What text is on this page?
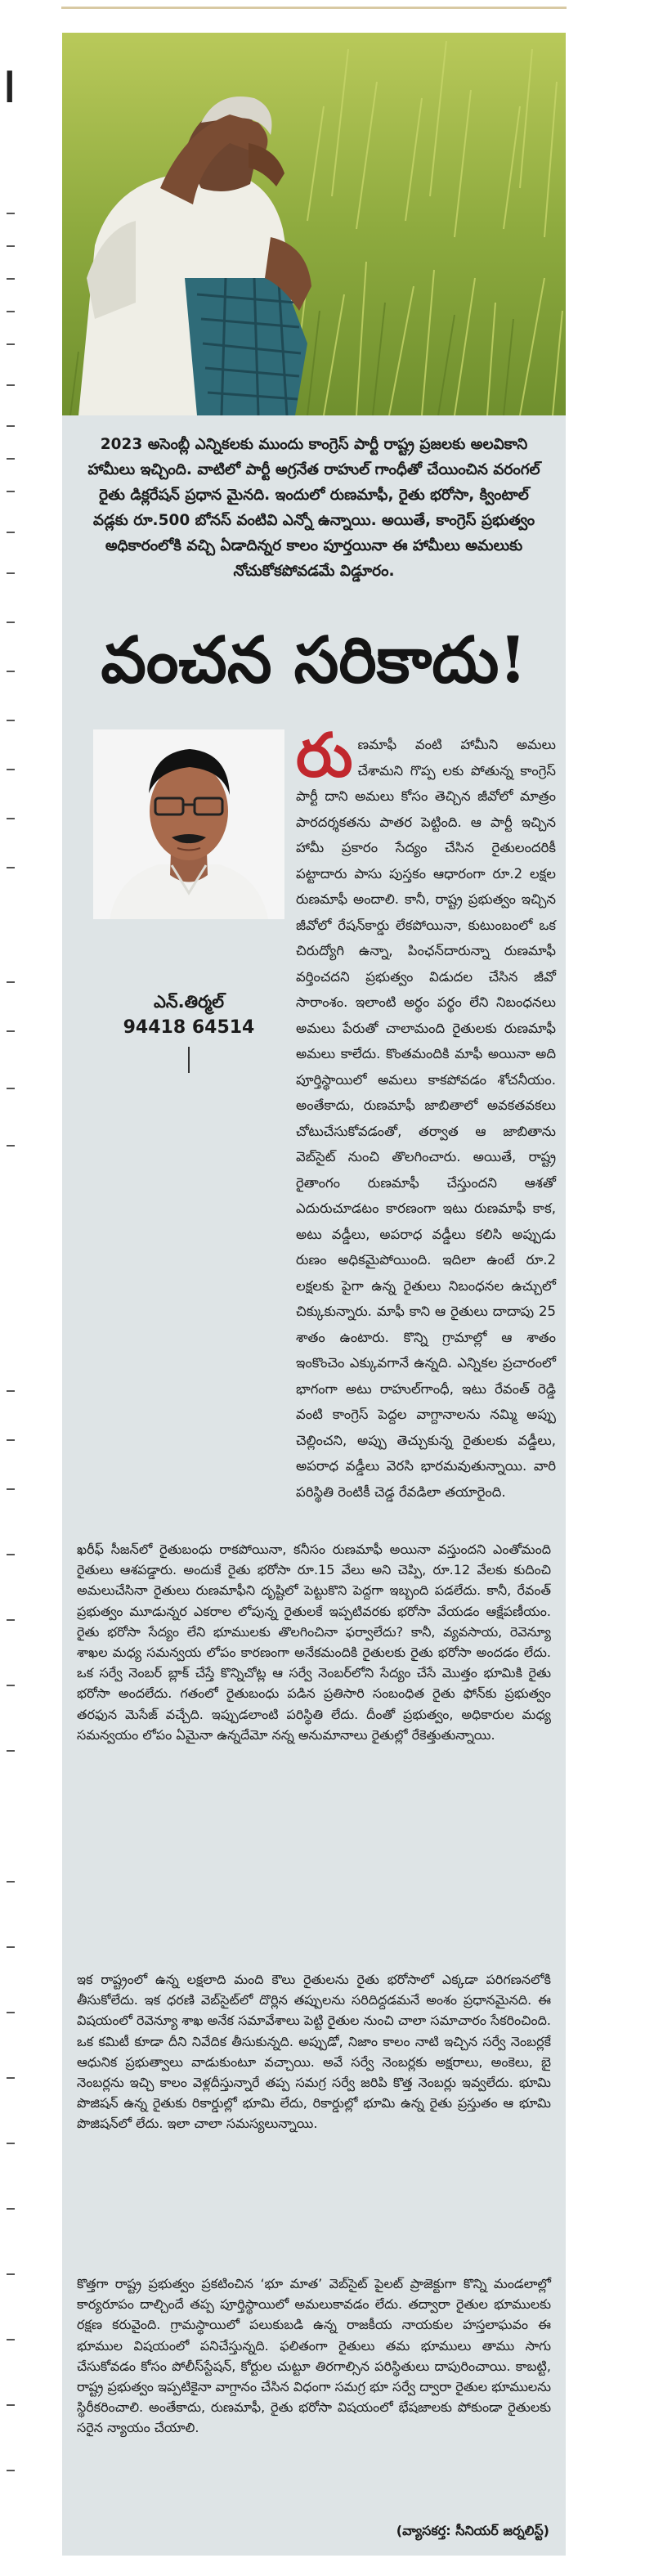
ı

2023 అసెంబ్లీ ఎన్నికలకు ముందు కాంగ్రెస్ పార్టీ రాష్ట్ర ప్రజలకు అలవికాని హామీలు ఇచ్చింది. వాటిలో పార్టీ అగ్రనేత రాహుల్ గాంధీతో చేయించిన వరంగల్ రైతు డిక్లరేషన్ ప్రధాన మైనది. ఇందులో రుణమాఫీ, రైతు భరోసా, క్వింటాల్ వడ్లకు రూ.500 బోనస్ వంటివి ఎన్నో ఉన్నాయి. అయితే, కాంగ్రెస్ ప్రభుత్వం అధికారంలోకి వచ్చి ఏడాదిన్నర కాలం పూర్తయినా ఈ హామీలు అమలుకు నోచుకోకపోవడమే విడ్డూరం.

వంచన సరికాదు!
ఎన్.తిర్మల్
94418 64514

రుణమాఫీ వంటి హామీని అమలు చేశామని గొప్ప లకు పోతున్న కాంగ్రెస్ పార్టీ దాని అమలు కోసం తెచ్చిన జీవోలో మాత్రం పారదర్శకతను పాతర పెట్టింది. ఆ పార్టీ ఇచ్చిన హామీ ప్రకారం సేద్యం చేసిన రైతులందరికీ పట్టాదారు పాసు పుస్తకం ఆధారంగా రూ.2 లక్షల రుణమాఫీ అందాలి. కానీ, రాష్ట్ర ప్రభుత్వం ఇచ్చిన జీవోలో రేషన్‌కార్డు లేకపోయినా, కుటుంబంలో ఒక చిరుద్యోగి ఉన్నా, పింఛన్‌దారున్నా రుణమాఫీ వర్తించదని ప్రభుత్వం విడుదల చేసిన జీవో సారాంశం. ఇలాంటి అర్థం పర్థం లేని నిబంధనలు అమలు పేరుతో చాలామంది రైతులకు రుణమాఫీ అమలు కాలేదు. కొంతమందికి మాఫీ అయినా అది పూర్తిస్థాయిలో అమలు కాకపోవడం శోచనీయం. అంతేకాదు, రుణమాఫీ జాబితాలో అవకతవకలు చోటుచేసుకోవడంతో, తర్వాత ఆ జాబితాను వెబ్‌సైట్ నుంచి తొలగించారు. అయితే, రాష్ట్ర రైతాంగం రుణమాఫీ చేస్తుందని ఆశతో ఎదురుచూడటం కారణంగా ఇటు రుణమాఫీ కాక, అటు వడ్డీలు, అపరాధ వడ్డీలు కలిసి అప్పుడు రుణం అధికమైపోయింది. ఇదిలా ఉంటే రూ.2 లక్షలకు పైగా ఉన్న రైతులు నిబంధనల ఉచ్చులో చిక్కుకున్నారు. మాఫీ కాని ఆ రైతులు దాదాపు 25 శాతం ఉంటారు. కొన్ని గ్రామాల్లో ఆ శాతం ఇంకొంచెం ఎక్కువగానే ఉన్నది. ఎన్నికల ప్రచారంలో భాగంగా అటు రాహుల్‌గాంధీ, ఇటు రేవంత్ రెడ్డి వంటి కాంగ్రెస్ పెద్దల వాగ్దానాలను నమ్మి అప్పు చెల్లించని, అప్పు తెచ్చుకున్న రైతులకు వడ్డీలు, అపరాధ వడ్డీలు వెరసి భారమవుతున్నాయి. వారి పరిస్థితి రెంటికీ చెడ్డ రేవడిలా తయారైంది.

ఖరీఫ్ సీజన్‌లో రైతుబంధు రాకపోయినా, కనీసం రుణమాఫీ అయినా వస్తుందని ఎంతోమంది రైతులు ఆశపడ్డారు. అందుకే రైతు భరోసా రూ.15 వేలు అని చెప్పి, రూ.12 వేలకు కుదించి అమలుచేసినా రైతులు రుణమాఫీని దృష్టిలో పెట్టుకొని పెద్దగా ఇబ్బంది పడలేదు. కానీ, రేవంత్ ప్రభుత్వం మూడున్నర ఎకరాల లోపున్న రైతులకే ఇప్పటివరకు భరోసా వేయడం ఆక్షేపణీయం. రైతు భరోసా సేద్యం లేని భూములకు తొలగించినా ఫర్వాలేదు? కానీ, వ్యవసాయ, రెవెన్యూ శాఖల మధ్య సమన్వయ లోపం కారణంగా అనేకమందికి రైతులకు రైతు భరోసా అందడం లేదు. ఒక సర్వే నెంబర్ బ్లాక్ చేస్తే కొన్నిచోట్ల ఆ సర్వే నెంబర్‌లోని సేద్యం చేసే మొత్తం భూమికి రైతు భరోసా అందలేదు. గతంలో రైతుబంధు పడిన ప్రతిసారి సంబంధిత రైతు ఫోన్‌కు ప్రభుత్వం తరఫున మెసేజ్ వచ్చేది. ఇప్పుడలాంటి పరిస్థితి లేదు. దీంతో ప్రభుత్వం, అధికారుల మధ్య సమన్వయం లోపం ఏమైనా ఉన్నదేమో నన్న అనుమానాలు రైతుల్లో రేకెత్తుతున్నాయి.

ఇక రాష్ట్రంలో ఉన్న లక్షలాది మంది కౌలు రైతులను రైతు భరోసాలో ఎక్కడా పరిగణనలోకి తీసుకోలేదు. ఇక ధరణి వెబ్‌సైట్‌లో దొర్లిన తప్పులను సరిదిద్దడమనే అంశం ప్రధానమైనది. ఈ విషయంలో రెవెన్యూ శాఖ అనేక సమావేశాలు పెట్టి రైతుల నుంచి చాలా సమాచారం సేకరించింది. ఒక కమిటీ కూడా దీని నివేదిక తీసుకున్నది. అప్పుడో, నిజాం కాలం నాటి ఇచ్చిన సర్వే నెంబర్లకే ఆధునిక ప్రభుత్వాలు వాడుకుంటూ వచ్చాయి. అవే సర్వే నెంబర్లకు అక్షరాలు, అంకెలు, బై నెంబర్లను ఇచ్చి కాలం వెళ్లదీస్తున్నారే తప్ప సమగ్ర సర్వే జరిపి కొత్త నెంబర్లు ఇవ్వలేదు. భూమి పొజిషన్ ఉన్న రైతుకు రికార్డుల్లో భూమి లేదు, రికార్డుల్లో భూమి ఉన్న రైతు ప్రస్తుతం ఆ భూమి పొజిషన్‌లో లేదు. ఇలా చాలా సమస్యలున్నాయి.

కొత్తగా రాష్ట్ర ప్రభుత్వం ప్రకటించిన ‘భూ మాత’ వెబ్‌సైట్ పైలట్ ప్రాజెక్టుగా కొన్ని మండలాల్లో కార్యరూపం దాల్చిందే తప్ప పూర్తిస్థాయిలో అమలుకావడం లేదు. తద్వారా రైతుల భూములకు రక్షణ కరువైంది. గ్రామస్థాయిలో పలుకుబడి ఉన్న రాజకీయ నాయకుల హస్తలాఘవం ఈ భూముల విషయంలో పనిచేస్తున్నది. ఫలితంగా రైతులు తమ భూములు తాము సాగు చేసుకోవడం కోసం పోలీస్‌స్టేషన్, కోర్టుల చుట్టూ తిరగాల్సిన పరిస్థితులు దాపురించాయి. కాబట్టి, రాష్ట్ర ప్రభుత్వం ఇప్పటికైనా వాగ్దానం చేసిన విధంగా సమగ్ర భూ సర్వే ద్వారా రైతుల భూములను స్థిరీకరించాలి. అంతేకాదు, రుణమాఫీ, రైతు భరోసా విషయంలో భేషజాలకు పోకుండా రైతులకు సరైన న్యాయం చేయాలి.

(వ్యాసకర్త: సీనియర్ జర్నలిస్ట్)
